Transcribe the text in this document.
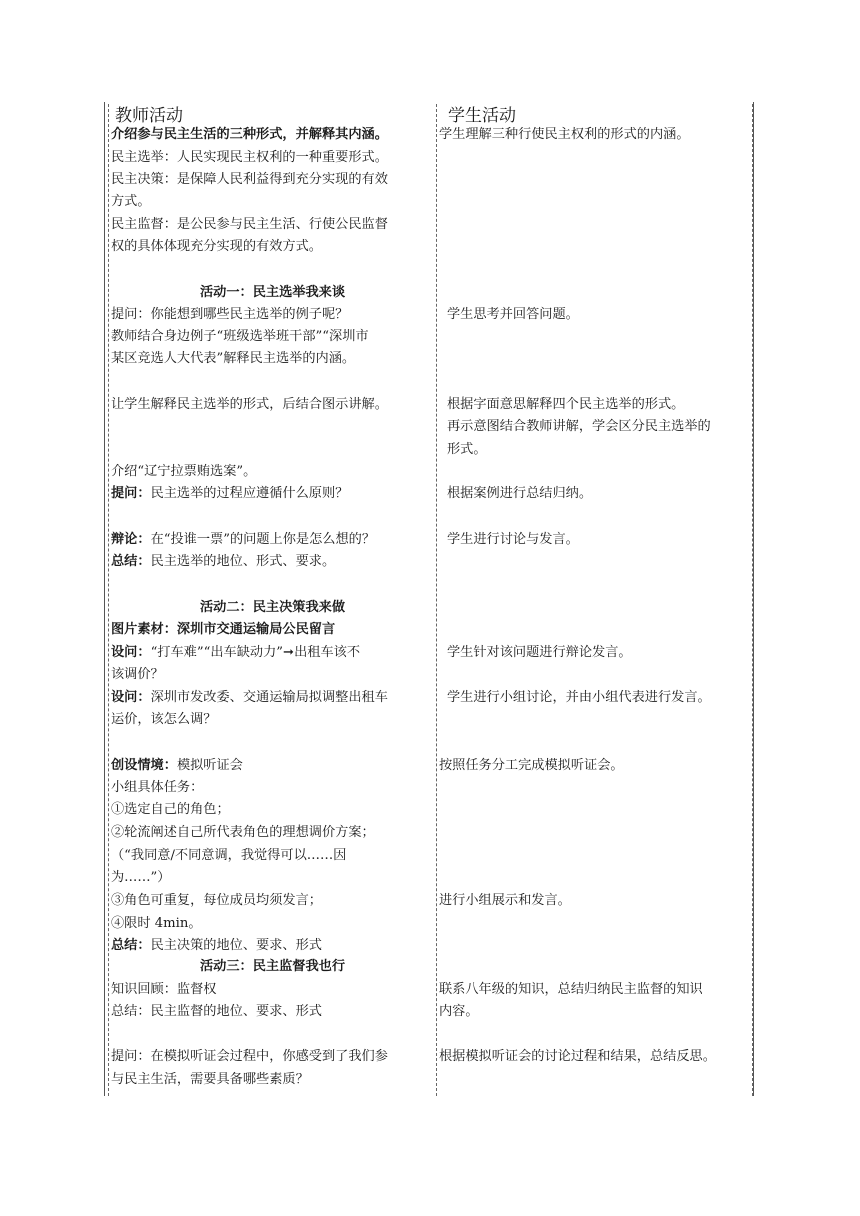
教师活动	学生活动
介绍参与民主生活的三种形式，并解释其内涵。
民主选举：人民实现民主权利的一种重要形式。
民主决策：是保障人民利益得到充分实现的有效
方式。
民主监督：是公民参与民主生活、行使公民监督
权的具体体现充分实现的有效方式。
活动一：民主选举我来谈
提问：你能想到哪些民主选举的例子呢？
教师结合身边例子“班级选举班干部”“深圳市
某区竞选人大代表”解释民主选举的内涵。
让学生解释民主选举的形式，后结合图示讲解。
介绍“辽宁拉票贿选案”。
提问：民主选举的过程应遵循什么原则？
辩论：在“投谁一票”的问题上你是怎么想的？
总结：民主选举的地位、形式、要求。
活动二：民主决策我来做
图片素材：深圳市交通运输局公民留言
设问：“打车难”“出车缺动力”➞出租车该不
该调价？
设问：深圳市发改委、交通运输局拟调整出租车
运价，该怎么调？
创设情境：模拟听证会
小组具体任务：
①选定自己的角色；
②轮流阐述自己所代表角色的理想调价方案；
（“我同意/不同意调，我觉得可以……因
为……”）
③角色可重复，每位成员均须发言；
④限时 4min。
总结：民主决策的地位、要求、形式
活动三：民主监督我也行
知识回顾：监督权
总结：民主监督的地位、要求、形式
提问：在模拟听证会过程中，你感受到了我们参
与民主生活，需要具备哪些素质？
学生理解三种行使民主权利的形式的内涵。
学生思考并回答问题。
根据字面意思解释四个民主选举的形式。
再示意图结合教师讲解，学会区分民主选举的
形式。
根据案例进行总结归纳。
学生进行讨论与发言。
学生针对该问题进行辩论发言。
学生进行小组讨论，并由小组代表进行发言。
按照任务分工完成模拟听证会。
进行小组展示和发言。
联系八年级的知识，总结归纳民主监督的知识
内容。
根据模拟听证会的讨论过程和结果，总结反思。
